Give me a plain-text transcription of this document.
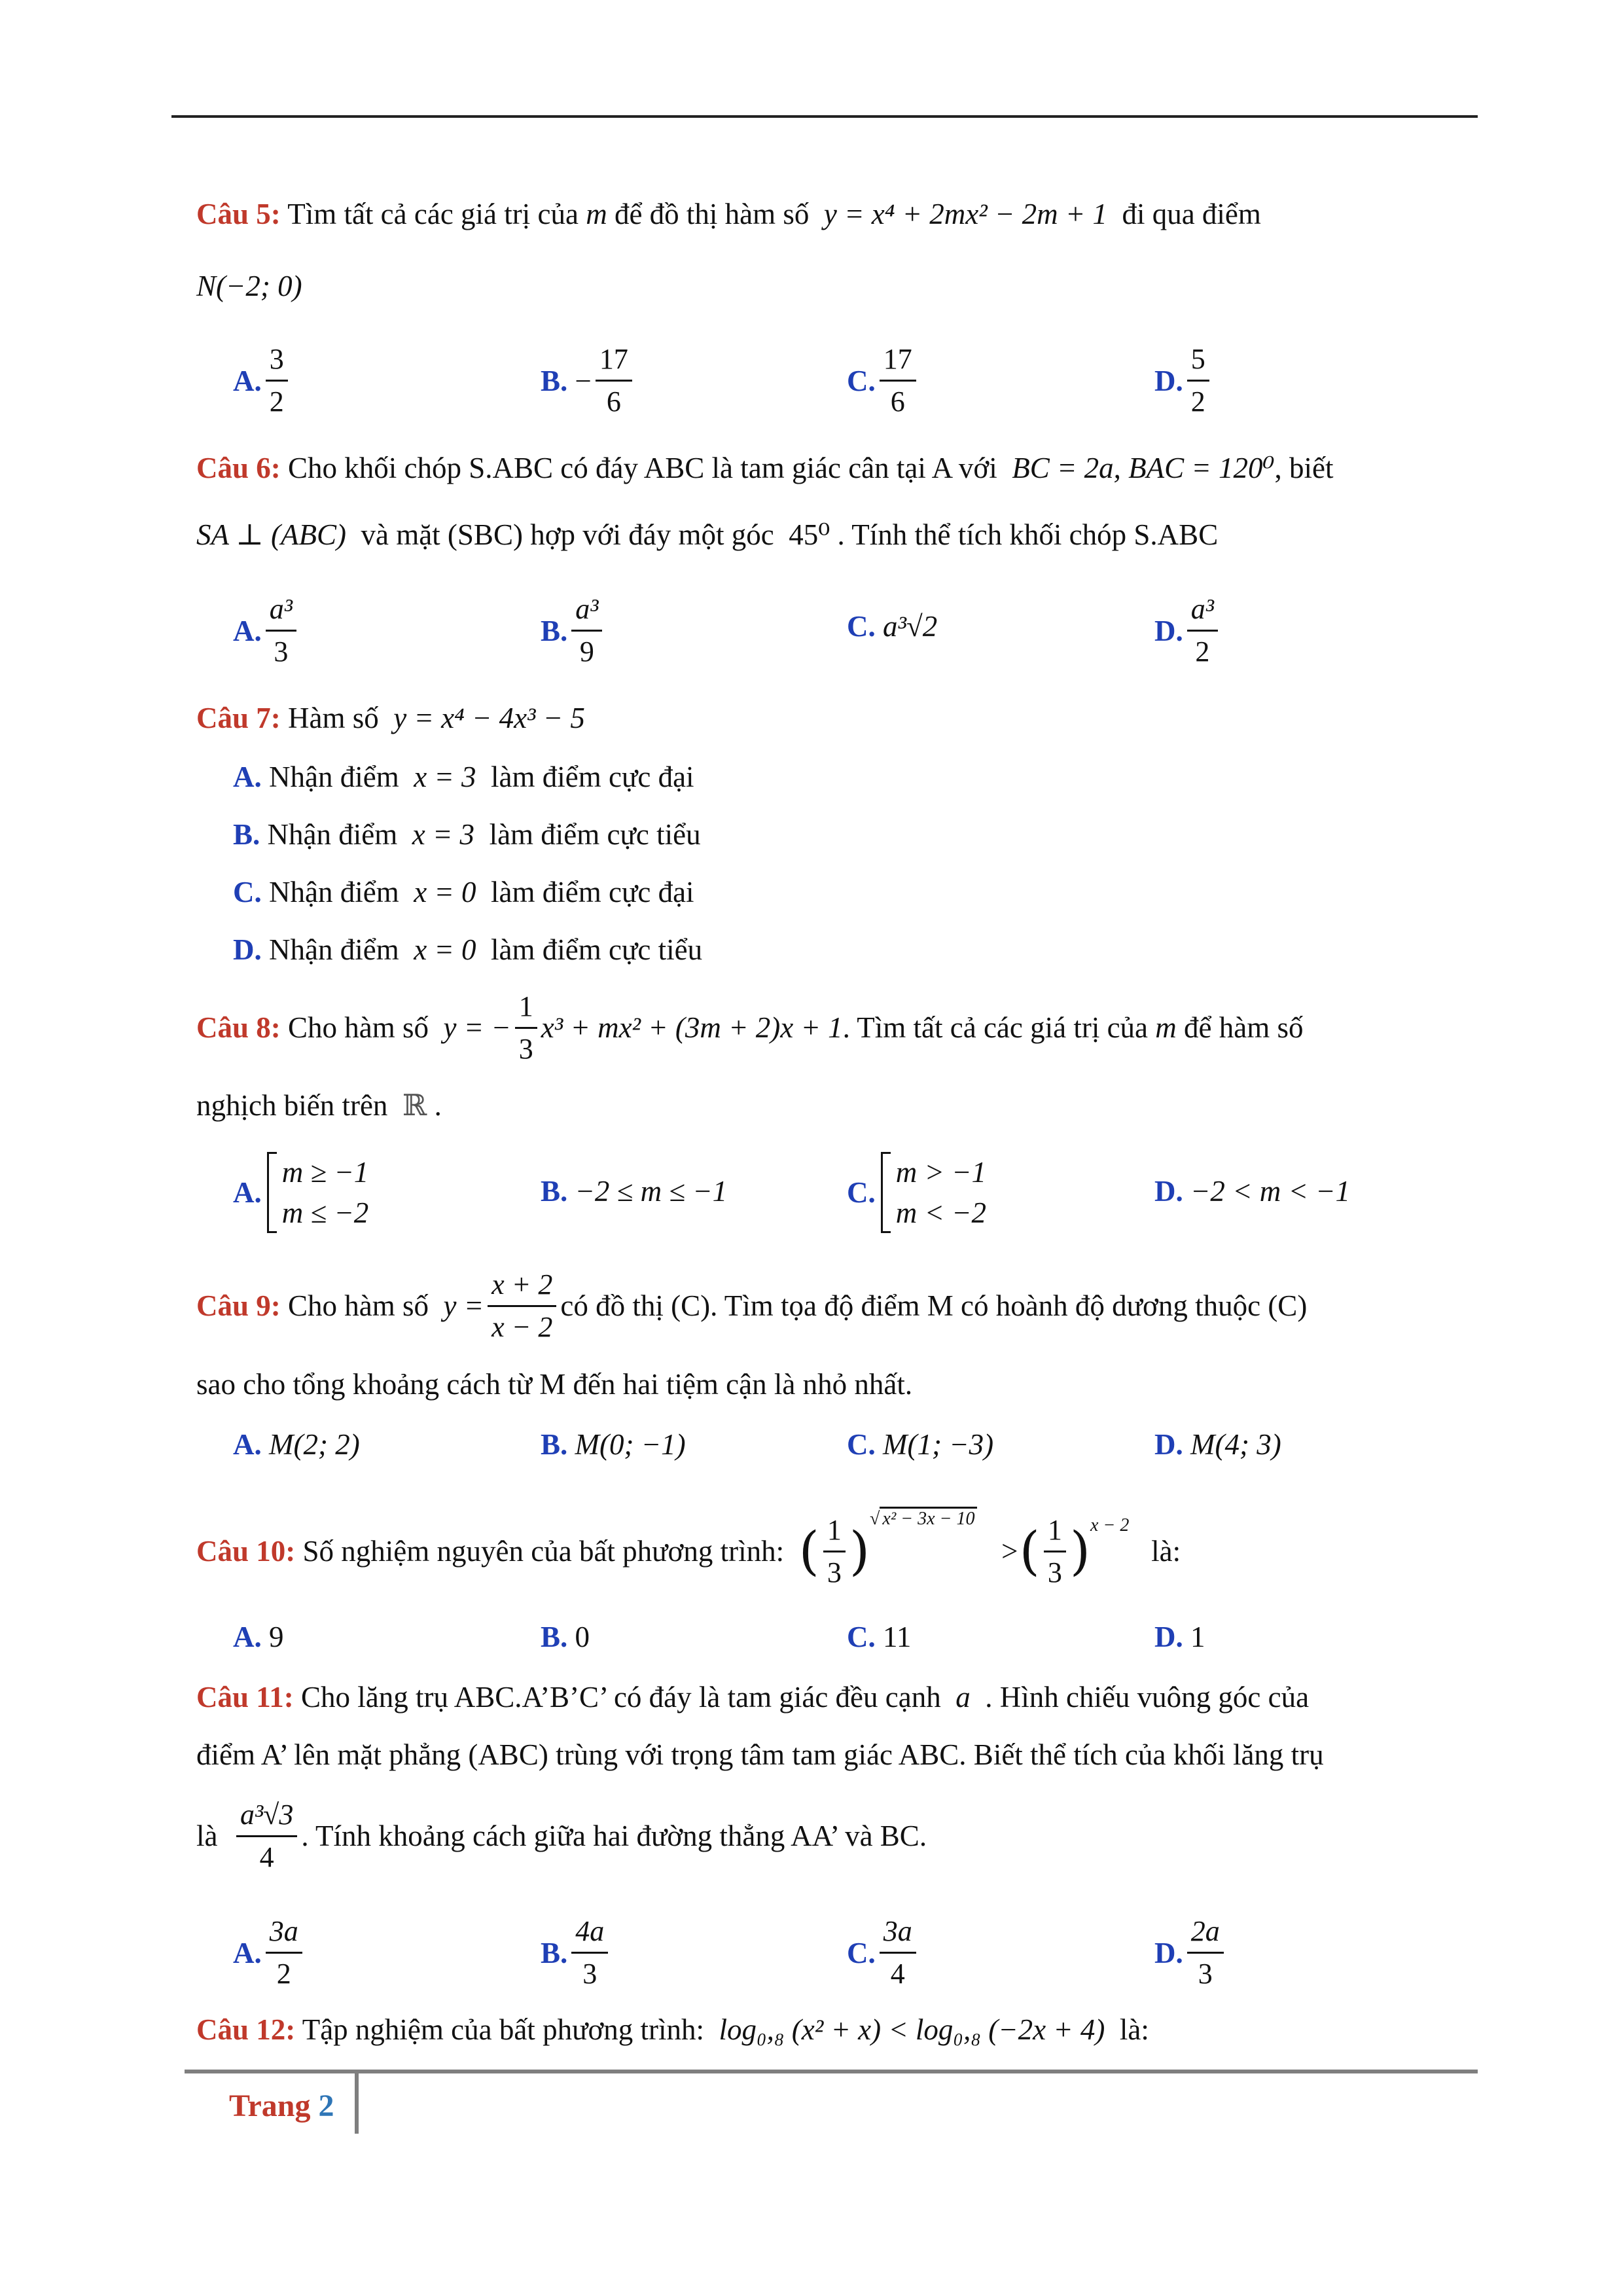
Câu 5: Tìm tất cả các giá trị của m để đồ thị hàm số y = x⁴ + 2mx² − 2m + 1 đi qua điểm
N(−2; 0)
A. $\frac{3}{2}$	B.
− $\frac{17}{6}$	C. $\frac{17}{6}$	D. $\frac{5}{2}$
Câu 6: Cho khối chóp S.ABC có đáy ABC là tam giác cân tại A với BC = 2a, BAC = 120⁰, biết
SA ⊥ (ABC) và mặt (SBC) hợp với đáy một góc 45⁰ . Tính thể tích khối chóp S.ABC
A. $\frac{\text{a³}}{3}$	B. $\frac{\text{a³}}{9}$	C.
a³√2	D. $\frac{\text{a³}}{2}$
Câu 7: Hàm số y = x⁴ − 4x³ − 5
A. Nhận điểm x = 3 làm điểm cực đại
B. Nhận điểm x = 3 làm điểm cực tiểu
C. Nhận điểm x = 0 làm điểm cực đại
D. Nhận điểm x = 0 làm điểm cực tiểu
Câu 8:
Cho hàm số
y = − $\frac{1}{3} x^3 + mx^2 + (3m + 2)x + 1$ . Tìm tất cả các giá trị của
m
để hàm số
nghịch biến trên ℝ .
A.
m ≥ −1
m ≤ −2
B.
−2 ≤ m ≤ −1	C.
m > −1
m < −2
D.
−2 < m < −1
Câu 9:
Cho hàm số
$y = \frac{x + 2}{x - 2}$ có đồ thị (C). Tìm tọa độ điểm M có hoành độ dương thuộc (C)
sao cho tổng khoảng cách từ M đến hai tiệm cận là nhỏ nhất.
A.
M(2; 2)	B.
M(0; −1)	C.
M(1; −3)	D.
M(4; 3)
Câu 10:
Số nghiệm nguyên của bất phương trình:
( $\frac{1}{3}$ )
√ x² − 3x − 10

> ( $\frac{1}{3}$ ) x − 2

là:
A.
9	B.
0	C.
11	D.
1
Câu 11: Cho lăng trụ ABC.A’B’C’ có đáy là tam giác đều cạnh a . Hình chiếu vuông góc của
điểm A’ lên mặt phẳng (ABC) trùng với trọng tâm tam giác ABC. Biết thể tích của khối lăng trụ
là
$\frac{\text{a³√3}}{4}$ . Tính khoảng cách giữa hai đường thẳng AA’ và BC.
A. $\frac{3a}{2}$	B. $\frac{4a}{3}$	C. $\frac{3a}{4}$	D. $\frac{2a}{3}$
Câu 12: Tập nghiệm của bất phương trình: log₀,₈ (x² + x) < log₀,₈ (−2x + 4) là:
Trang 2
